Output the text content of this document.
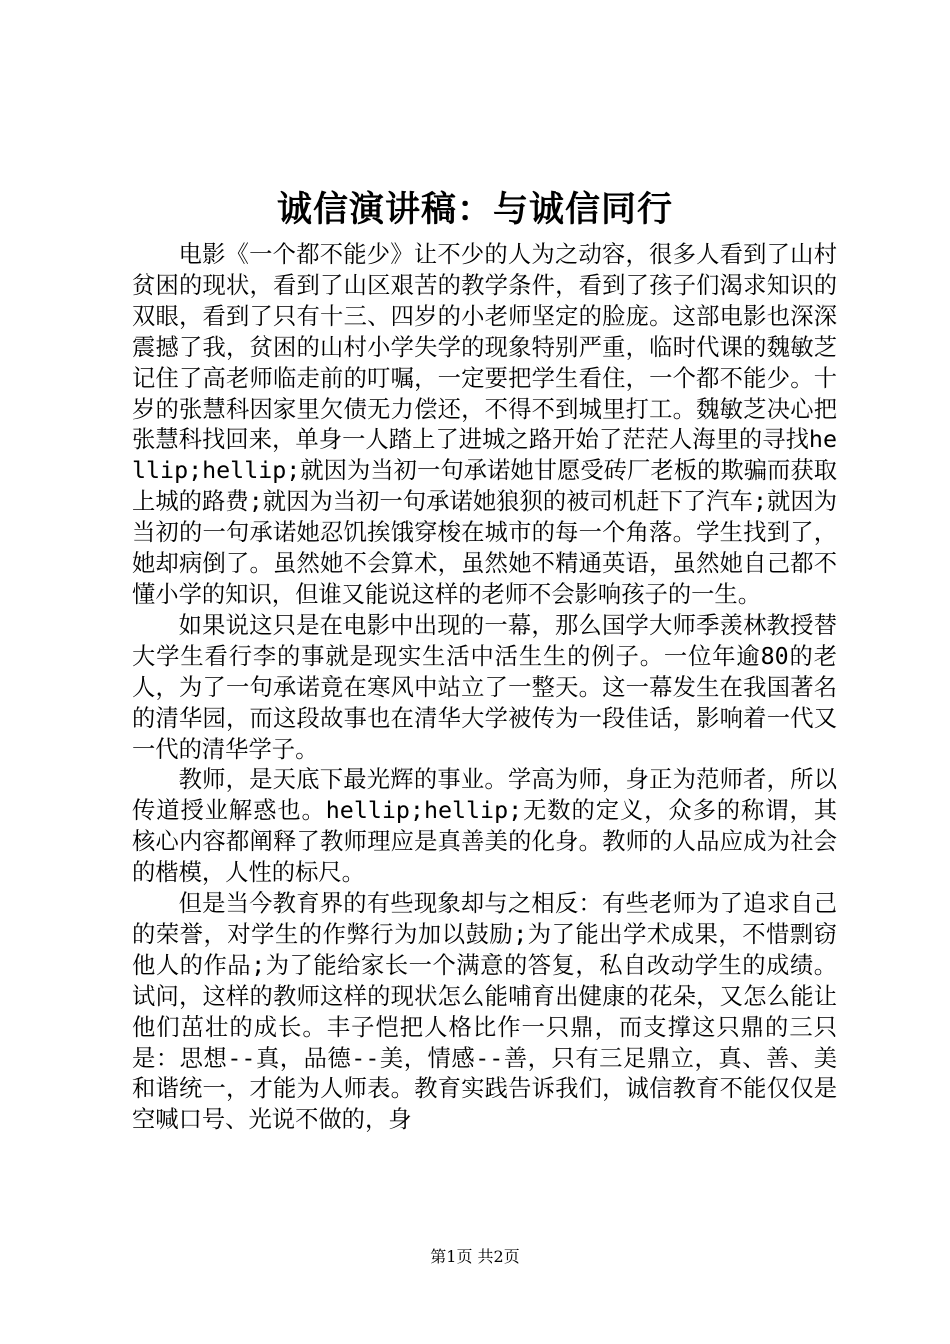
诚信演讲稿：与诚信同行

电影《一个都不能少》让不少的人为之动容，很多人看到了山村贫困的现状，看到了山区艰苦的教学条件，看到了孩子们渴求知识的双眼，看到了只有十三、四岁的小老师坚定的脸庞。这部电影也深深震撼了我，贫困的山村小学失学的现象特别严重，临时代课的魏敏芝记住了高老师临走前的叮嘱，一定要把学生看住，一个都不能少。十岁的张慧科因家里欠债无力偿还，不得不到城里打工。魏敏芝决心把张慧科找回来，单身一人踏上了进城之路开始了茫茫人海里的寻找hellip;hellip;就因为当初一句承诺她甘愿受砖厂老板的欺骗而获取上城的路费;就因为当初一句承诺她狼狈的被司机赶下了汽车;就因为当初的一句承诺她忍饥挨饿穿梭在城市的每一个角落。学生找到了，她却病倒了。虽然她不会算术，虽然她不精通英语，虽然她自己都不懂小学的知识，但谁又能说这样的老师不会影响孩子的一生。

如果说这只是在电影中出现的一幕，那么国学大师季羡林教授替大学生看行李的事就是现实生活中活生生的例子。一位年逾80的老人，为了一句承诺竟在寒风中站立了一整天。这一幕发生在我国著名的清华园，而这段故事也在清华大学被传为一段佳话，影响着一代又一代的清华学子。

教师，是天底下最光辉的事业。学高为师，身正为范师者，所以传道授业解惑也。hellip;hellip;无数的定义，众多的称谓，其核心内容都阐释了教师理应是真善美的化身。教师的人品应成为社会的楷模，人性的标尺。

但是当今教育界的有些现象却与之相反：有些老师为了追求自己的荣誉，对学生的作弊行为加以鼓励;为了能出学术成果，不惜剽窃他人的作品;为了能给家长一个满意的答复，私自改动学生的成绩。试问，这样的教师这样的现状怎么能哺育出健康的花朵，又怎么能让他们茁壮的成长。丰子恺把人格比作一只鼎，而支撑这只鼎的三只是：思想--真，品德--美，情感--善，只有三足鼎立，真、善、美和谐统一，才能为人师表。教育实践告诉我们，诚信教育不能仅仅是空喊口号、光说不做的，身

第1页 共2页
